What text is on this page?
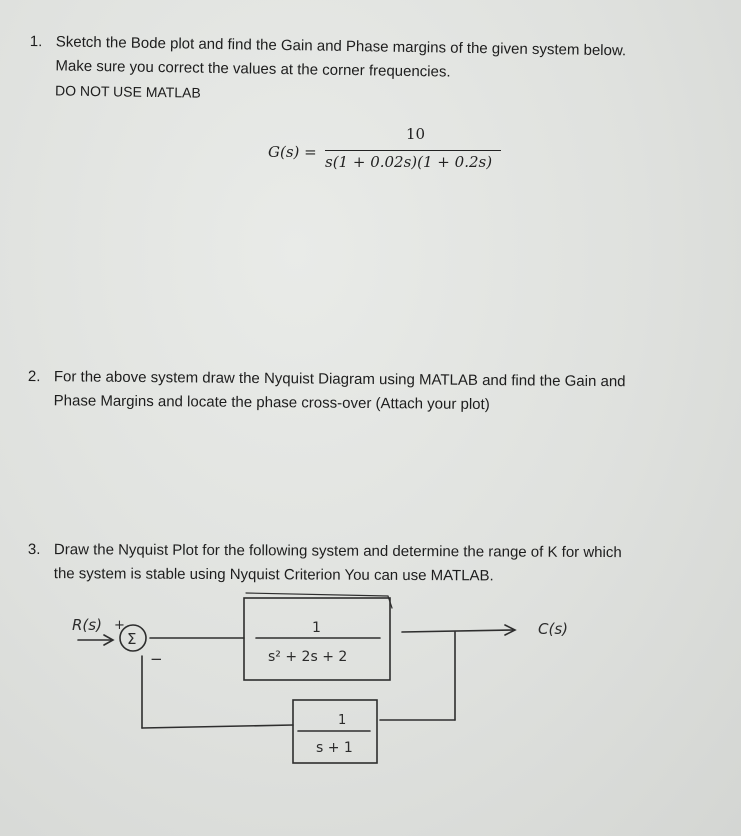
1. Sketch the Bode plot and find the Gain and Phase margins of the given system below.
Make sure you correct the values at the corner frequencies.
DO NOT USE MATLAB
G(s) =
10
s(1 + 0.02s)(1 + 0.2s)
2. For the above system draw the Nyquist Diagram using MATLAB and find the Gain and
Phase Margins and locate the phase cross-over (Attach your plot)
3. Draw the Nyquist Plot for the following system and determine the range of K for which
the system is stable using Nyquist Criterion You can use MATLAB.
R(s) +
Σ
−
1
s² + 2s + 2
1
s + 1
C(s)
